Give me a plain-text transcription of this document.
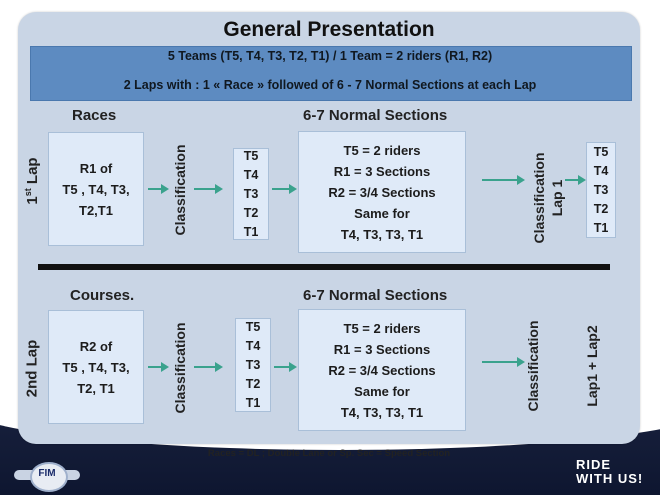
General Presentation
5 Teams (T5, T4, T3, T2, T1) / 1 Team = 2 riders (R1, R2)
2 Laps with : 1 « Race » followed of 6 - 7 Normal Sections at each Lap
1st Lap
Races	6-7 Normal Sections
R1 of
T5 , T4, T3,
T2,T1	Classification	T5
T4
T3
T2
T1
T5 = 2 riders
R1 = 3 Sections
R2 = 3/4 Sections
Same for
T4, T3, T3, T1	Classification Lap 1
T5
T4
T3
T2
T1
2nd Lap
Courses.	6-7 Normal Sections
R2 of
T5 , T4, T3,
T2, T1	Classification	T5
T4
T3
T2
T1
T5 = 2 riders
R1 = 3 Sections
R2 = 3/4 Sections
Same for
T4, T3, T3, T1
Classification	Lap1 + Lap2
Races = DL ; Double Lane or Sp. Sec = Speed Section
FIM
RIDE
WITH US!
